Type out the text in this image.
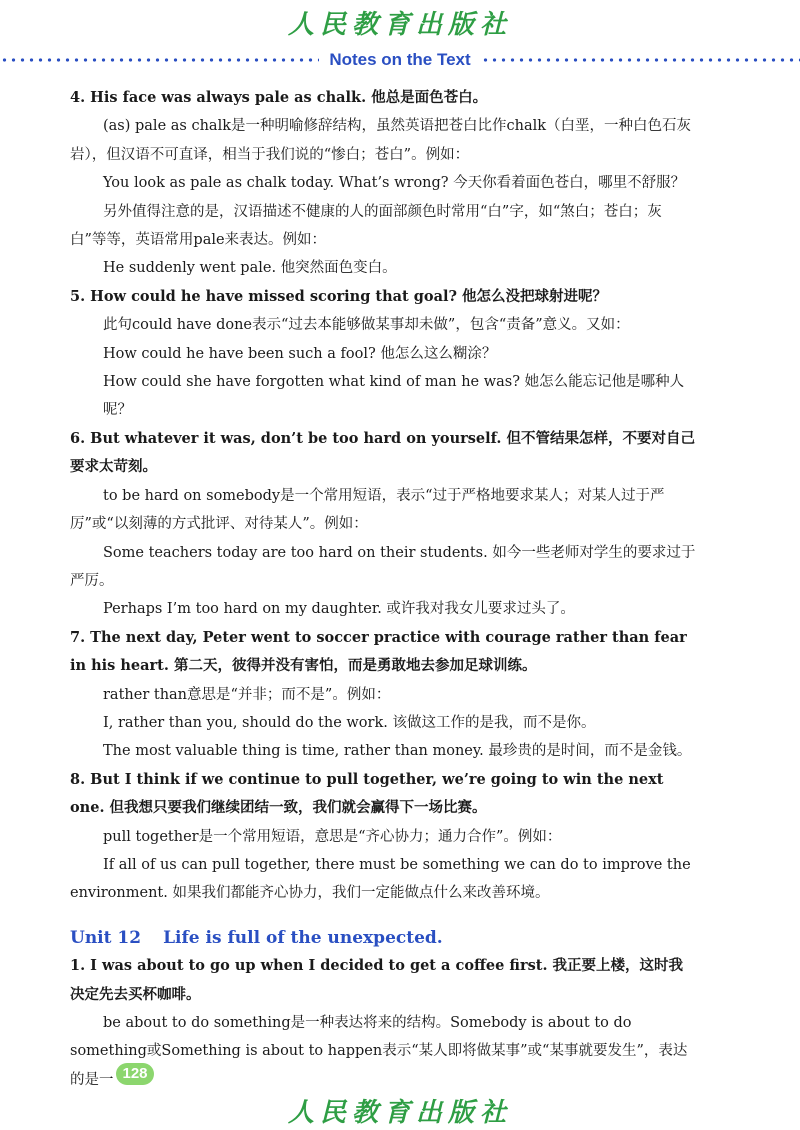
人民教育出版社
Notes on the Text

4. His face was always pale as chalk. 他总是面色苍白。

(as) pale as chalk是一种明喻修辞结构，虽然英语把苍白比作chalk（白垩，一种白色石灰岩），但汉语不可直译，相当于我们说的“惨白；苍白”。例如：

You look as pale as chalk today. What’s wrong? 今天你看着面色苍白，哪里不舒服？

另外值得注意的是，汉语描述不健康的人的面部颜色时常用“白”字，如“煞白；苍白；灰白”等等，英语常用pale来表达。例如：

He suddenly went pale. 他突然面色变白。

5. How could he have missed scoring that goal? 他怎么没把球射进呢？

此句could have done表示“过去本能够做某事却未做”，包含“责备”意义。又如：

How could he have been such a fool? 他怎么这么糊涂？

How could she have forgotten what kind of man he was? 她怎么能忘记他是哪种人呢？

6. But whatever it was, don’t be too hard on yourself. 但不管结果怎样，不要对自己要求太苛刻。

to be hard on somebody是一个常用短语，表示“过于严格地要求某人；对某人过于严厉”或“以刻薄的方式批评、对待某人”。例如：

Some teachers today are too hard on their students. 如今一些老师对学生的要求过于严厉。

Perhaps I’m too hard on my daughter. 或许我对我女儿要求过头了。

7. The next day, Peter went to soccer practice with courage rather than fear in his heart. 第二天，彼得并没有害怕，而是勇敢地去参加足球训练。

rather than意思是“并非；而不是”。例如：

I, rather than you, should do the work. 该做这工作的是我，而不是你。

The most valuable thing is time, rather than money. 最珍贵的是时间，而不是金钱。

8. But I think if we continue to pull together, we’re going to win the next one. 但我想只要我们继续团结一致，我们就会赢得下一场比赛。

pull together是一个常用短语，意思是“齐心协力；通力合作”。例如：

If all of us can pull together, there must be something we can do to improve the environment. 如果我们都能齐心协力，我们一定能做点什么来改善环境。

Unit 12 Life is full of the unexpected.

1. I was about to go up when I decided to get a coffee first. 我正要上楼，这时我决定先去买杯咖啡。

be about to do something是一种表达将来的结构。Somebody is about to do something或Something is about to happen表示“某人即将做某事”或“某事就要发生”，表达的是一 128
人民教育出版社
